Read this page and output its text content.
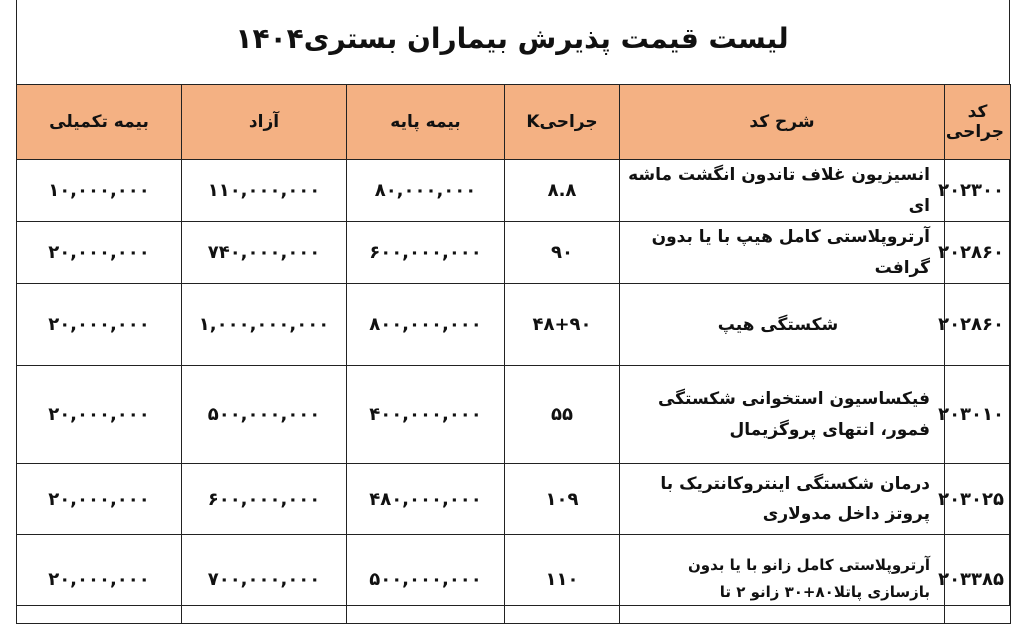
لیست قیمت پذیرش بیماران بستری۱۴۰۴
کد جراحی	شرح کد	جراحیK	بیمه پایه	آزاد	بیمه تکمیلی
۲۰۲۳۰۰	انسیزیون غلاف تاندون انگشت ماشه ای	۸.۸	۸۰,۰۰۰,۰۰۰	۱۱۰,۰۰۰,۰۰۰	۱۰,۰۰۰,۰۰۰
۲۰۲۸۶۰	آرتروپلاستی کامل هیپ با یا بدون گرافت	۹۰	۶۰۰,۰۰۰,۰۰۰	۷۴۰,۰۰۰,۰۰۰	۲۰,۰۰۰,۰۰۰
۲۰۲۸۶۰	شکستگی هیپ	۴۸+۹۰	۸۰۰,۰۰۰,۰۰۰	۱,۰۰۰,۰۰۰,۰۰۰	۲۰,۰۰۰,۰۰۰
۲۰۳۰۱۰	فیکساسیون استخوانی شکستگی فمور، انتهای پروگزیمال	۵۵	۴۰۰,۰۰۰,۰۰۰	۵۰۰,۰۰۰,۰۰۰	۲۰,۰۰۰,۰۰۰
۲۰۳۰۲۵	درمان شکستگی اینتروکانتریک با پروتز داخل مدولاری	۱۰۹	۴۸۰,۰۰۰,۰۰۰	۶۰۰,۰۰۰,۰۰۰	۲۰,۰۰۰,۰۰۰
۲۰۳۳۸۵	آرتروپلاستی کامل زانو با یا بدون بازسازی پاتلا۸۰+۳۰ زانو ۲ تا	۱۱۰	۵۰۰,۰۰۰,۰۰۰	۷۰۰,۰۰۰,۰۰۰	۲۰,۰۰۰,۰۰۰
